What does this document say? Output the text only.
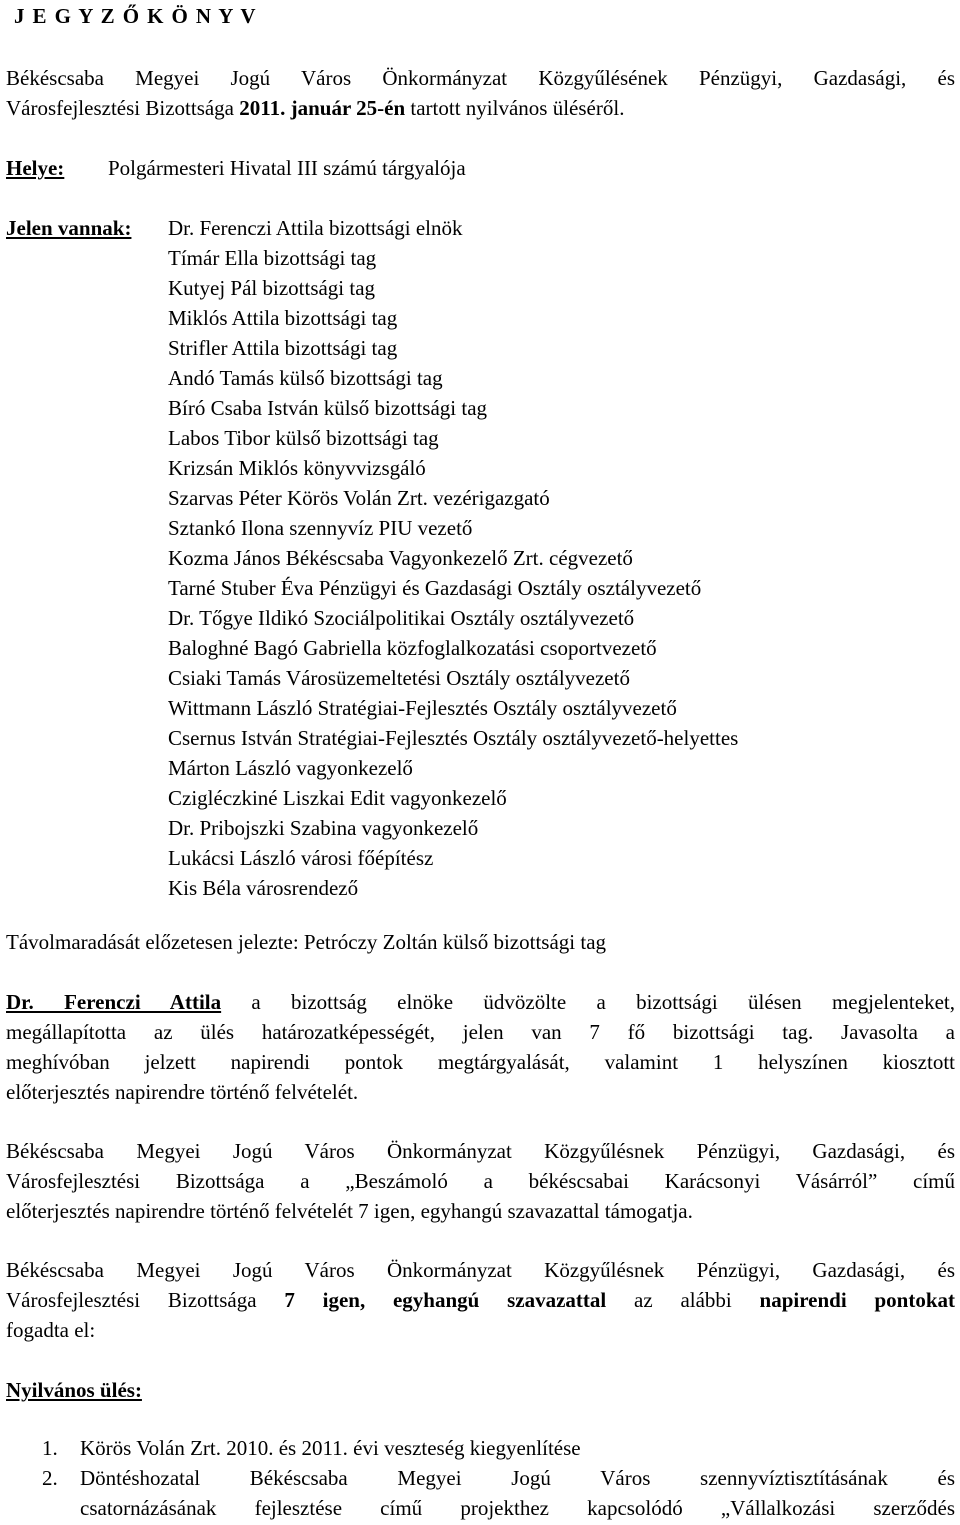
J E G Y Z Ő K Ö N Y V
Békéscsaba Megyei Jogú Város Önkormányzat Közgyűlésének Pénzügyi, Gazdasági, és
Városfejlesztési Bizottsága 2011. január 25-én tartott nyilvános üléséről.
Helye: Polgármesteri Hivatal III számú tárgyalója
Jelen vannak: Dr. Ferenczi Attila bizottsági elnök
Tímár Ella bizottsági tag
Kutyej Pál bizottsági tag
Miklós Attila bizottsági tag
Strifler Attila bizottsági tag
Andó Tamás külső bizottsági tag
Bíró Csaba István külső bizottsági tag
Labos Tibor külső bizottsági tag
Krizsán Miklós könyvvizsgáló
Szarvas Péter Körös Volán Zrt. vezérigazgató
Sztankó Ilona szennyvíz PIU vezető
Kozma János Békéscsaba Vagyonkezelő Zrt. cégvezető
Tarné Stuber Éva Pénzügyi és Gazdasági Osztály osztályvezető
Dr. Tőgye Ildikó Szociálpolitikai Osztály osztályvezető
Baloghné Bagó Gabriella közfoglalkozatási csoportvezető
Csiaki Tamás Városüzemeltetési Osztály osztályvezető
Wittmann László Stratégiai-Fejlesztés Osztály osztályvezető
Csernus István Stratégiai-Fejlesztés Osztály osztályvezető-helyettes
Márton László vagyonkezelő
Czigléczkiné Liszkai Edit vagyonkezelő
Dr. Pribojszki Szabina vagyonkezelő
Lukácsi László városi főépítész
Kis Béla városrendező
Távolmaradását előzetesen jelezte: Petróczy Zoltán külső bizottsági tag
Dr. Ferenczi Attila a bizottság elnöke üdvözölte a bizottsági ülésen megjelenteket,
megállapította az ülés határozatképességét, jelen van 7 fő bizottsági tag. Javasolta a
meghívóban jelzett napirendi pontok megtárgyalását, valamint 1 helyszínen kiosztott
előterjesztés napirendre történő felvételét.
Békéscsaba Megyei Jogú Város Önkormányzat Közgyűlésnek Pénzügyi, Gazdasági, és
Városfejlesztési Bizottsága a „Beszámoló a békéscsabai Karácsonyi Vásárról” című
előterjesztés napirendre történő felvételét 7 igen, egyhangú szavazattal támogatja.
Békéscsaba Megyei Jogú Város Önkormányzat Közgyűlésnek Pénzügyi, Gazdasági, és
Városfejlesztési Bizottsága 7 igen, egyhangú szavazattal az alábbi napirendi pontokat
fogadta el:
Nyilvános ülés:
1. Körös Volán Zrt. 2010. és 2011. évi veszteség kiegyenlítése
2. Döntéshozatal Békéscsaba Megyei Jogú Város szennyvíztisztításának és
csatornázásának fejlesztése című projekthez kapcsolódó „Vállalkozási szerződés
